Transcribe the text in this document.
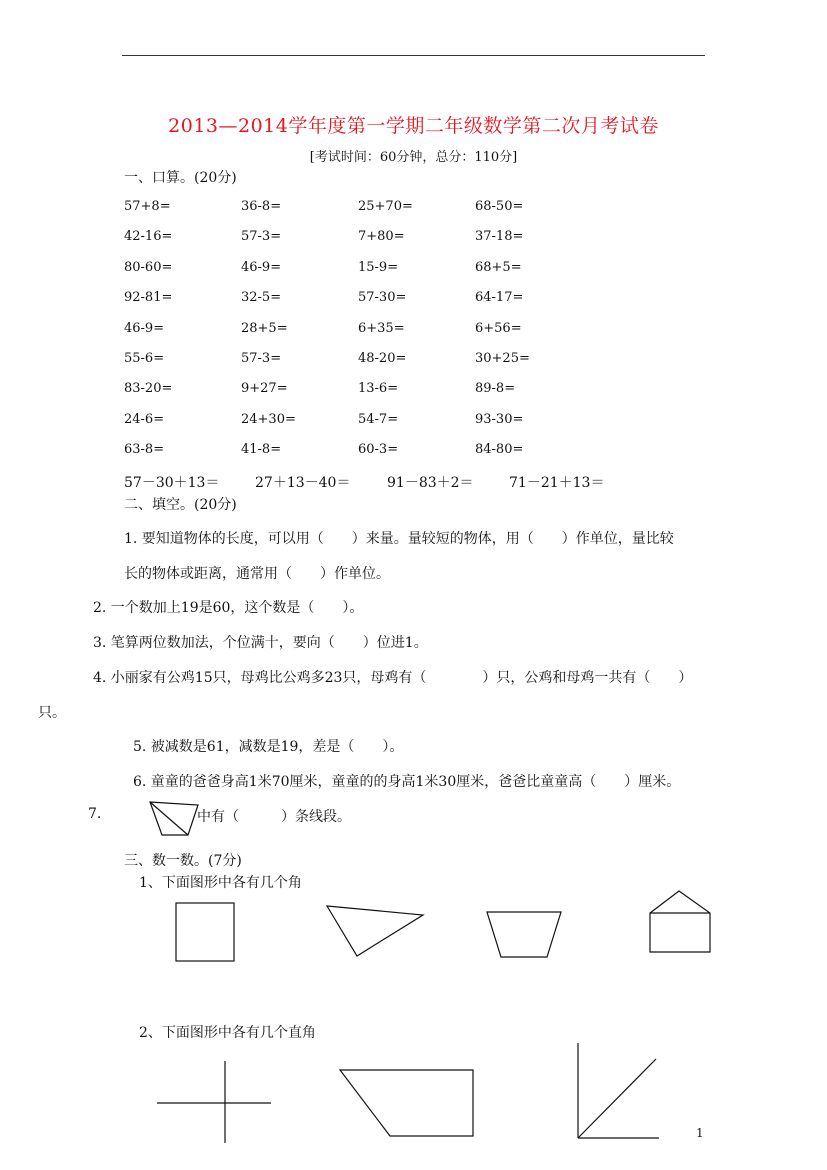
2013—2014学年度第一学期二年级数学第二次月考试卷
[考试时间：60分钟，总分：110分]
一、口算。(20分)
57+8=	36-8=	25+70=	68-50=
42-16=	57-3=	7+80=	37-18=
80-60=	46-9=	15-9=	68+5=
92-81=	32-5=	57-30=	64-17=
46-9=	28+5=	6+35=	6+56=
55-6=	57-3=	48-20=	30+25=
83-20=	9+27=	13-6=	89-8=
24-6=	24+30=	54-7=	93-30=
63-8=	41-8=	60-3=	84-80=
57－30＋13＝	27＋13－40＝	91－83＋2＝	71－21＋13＝
二、填空。(20分)
1. 要知道物体的长度，可以用（　　）来量。量较短的物体，用（　　）作单位，量比较
长的物体或距离，通常用（　　）作单位。
2. 一个数加上19是60，这个数是（　　）。
3. 笔算两位数加法，个位满十，要向（　　）位进1。
4. 小丽家有公鸡15只，母鸡比公鸡多23只，母鸡有（　　　　）只，公鸡和母鸡一共有（　　）
只。
5. 被减数是61，减数是19，差是（　　）。
6. 童童的爸爸身高1米70厘米，童童的的身高1米30厘米，爸爸比童童高（　　）厘米。
7.	中有（　　　）条线段。
三、数一数。(7分)
1、下面图形中各有几个角
2、下面图形中各有几个直角
1
